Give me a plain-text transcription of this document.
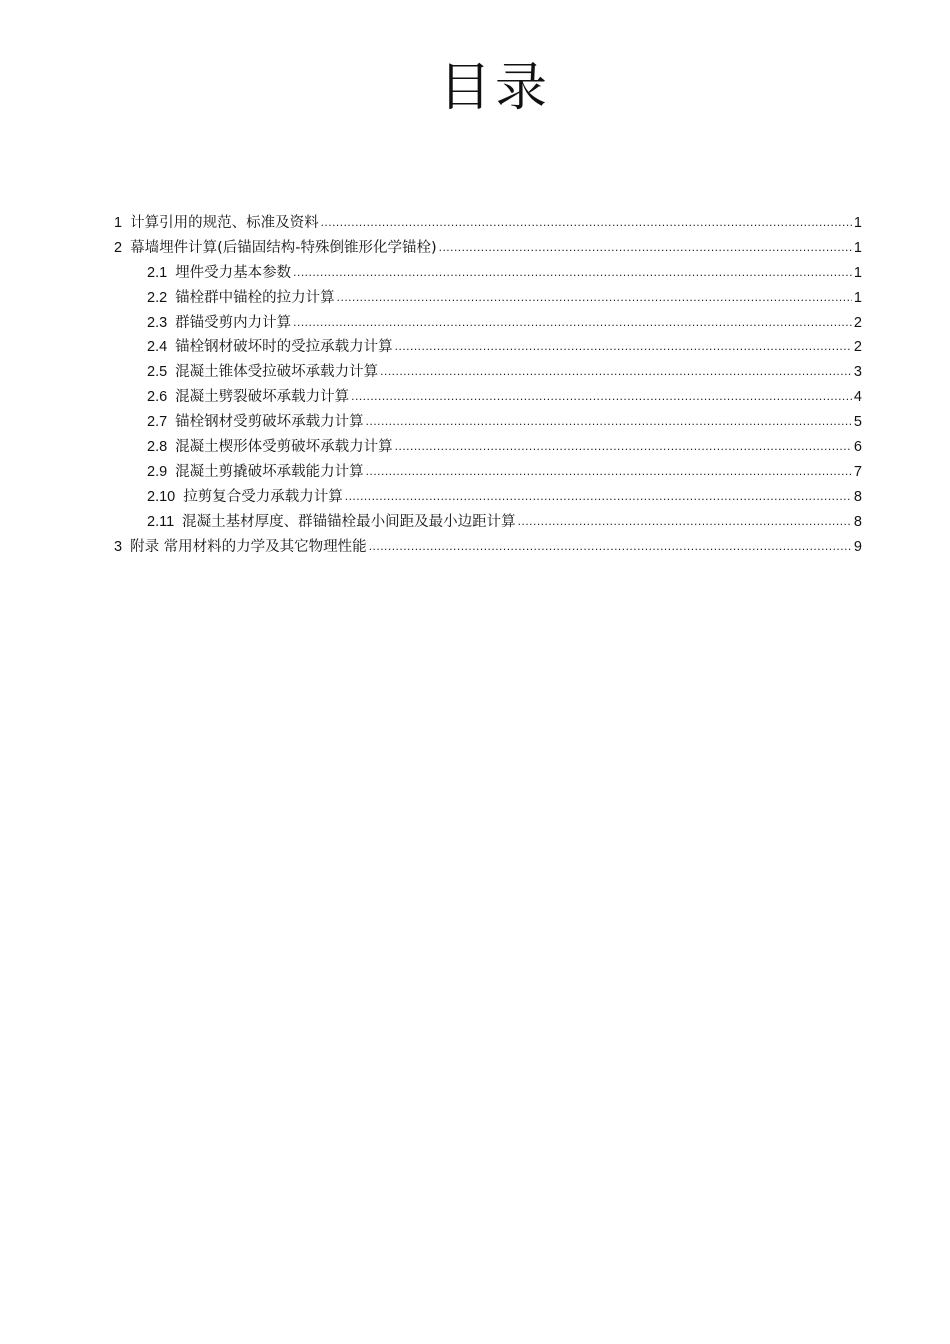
目录
1 计算引用的规范、标准及资料 .....	1
2 幕墙埋件计算(后锚固结构-特殊倒锥形化学锚栓) .....	1
2.1 埋件受力基本参数 .....	1
2.2 锚栓群中锚栓的拉力计算 .....	1
2.3 群锚受剪内力计算 .....	2
2.4 锚栓钢材破坏时的受拉承载力计算 .....	2
2.5 混凝土锥体受拉破坏承载力计算 .....	3
2.6 混凝土劈裂破坏承载力计算 .....	4
2.7 锚栓钢材受剪破坏承载力计算 .....	5
2.8 混凝土楔形体受剪破坏承载力计算 .....	6
2.9 混凝土剪撬破坏承载能力计算 .....	7
2.10 拉剪复合受力承载力计算 .....	8
2.11 混凝土基材厚度、群锚锚栓最小间距及最小边距计算 .....	8
3 附录 常用材料的力学及其它物理性能 .....	9
